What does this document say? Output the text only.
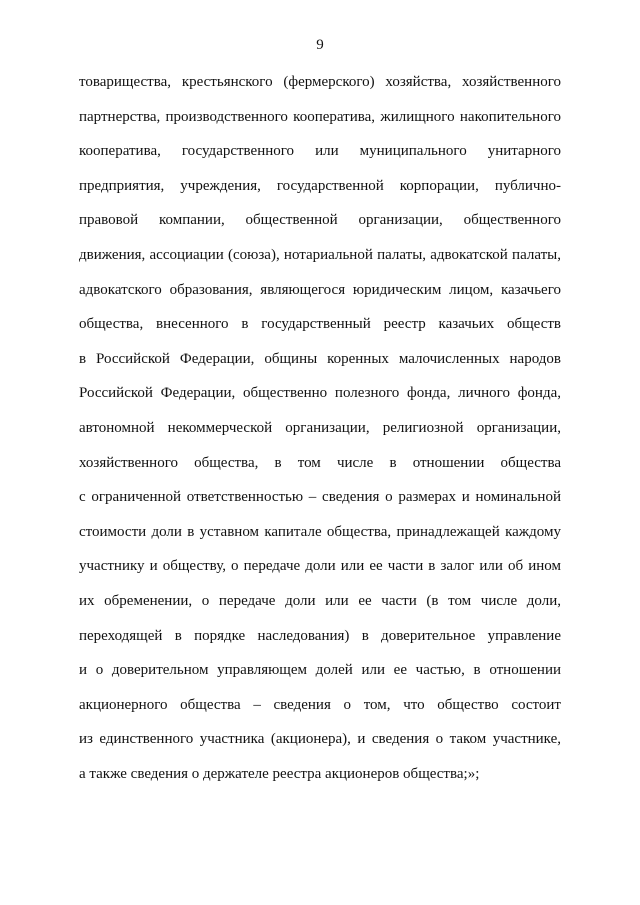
9
товарищества, крестьянского (фермерского) хозяйства, хозяйственного
партнерства, производственного кооператива, жилищного накопительного
кооператива, государственного или муниципального унитарного
предприятия, учреждения, государственной корпорации, публично-
правовой компании, общественной организации, общественного
движения, ассоциации (союза), нотариальной палаты, адвокатской палаты,
адвокатского образования, являющегося юридическим лицом, казачьего
общества, внесенного в государственный реестр казачьих обществ
в Российской Федерации, общины коренных малочисленных народов
Российской Федерации, общественно полезного фонда, личного фонда,
автономной некоммерческой организации, религиозной организации,
хозяйственного общества, в том числе в отношении общества
с ограниченной ответственностью – сведения о размерах и номинальной
стоимости доли в уставном капитале общества, принадлежащей каждому
участнику и обществу, о передаче доли или ее части в залог или об ином
их обременении, о передаче доли или ее части (в том числе доли,
переходящей в порядке наследования) в доверительное управление
и о доверительном управляющем долей или ее частью, в отношении
акционерного общества – сведения о том, что общество состоит
из единственного участника (акционера), и сведения о таком участнике,
а также сведения о держателе реестра акционеров общества;»;
